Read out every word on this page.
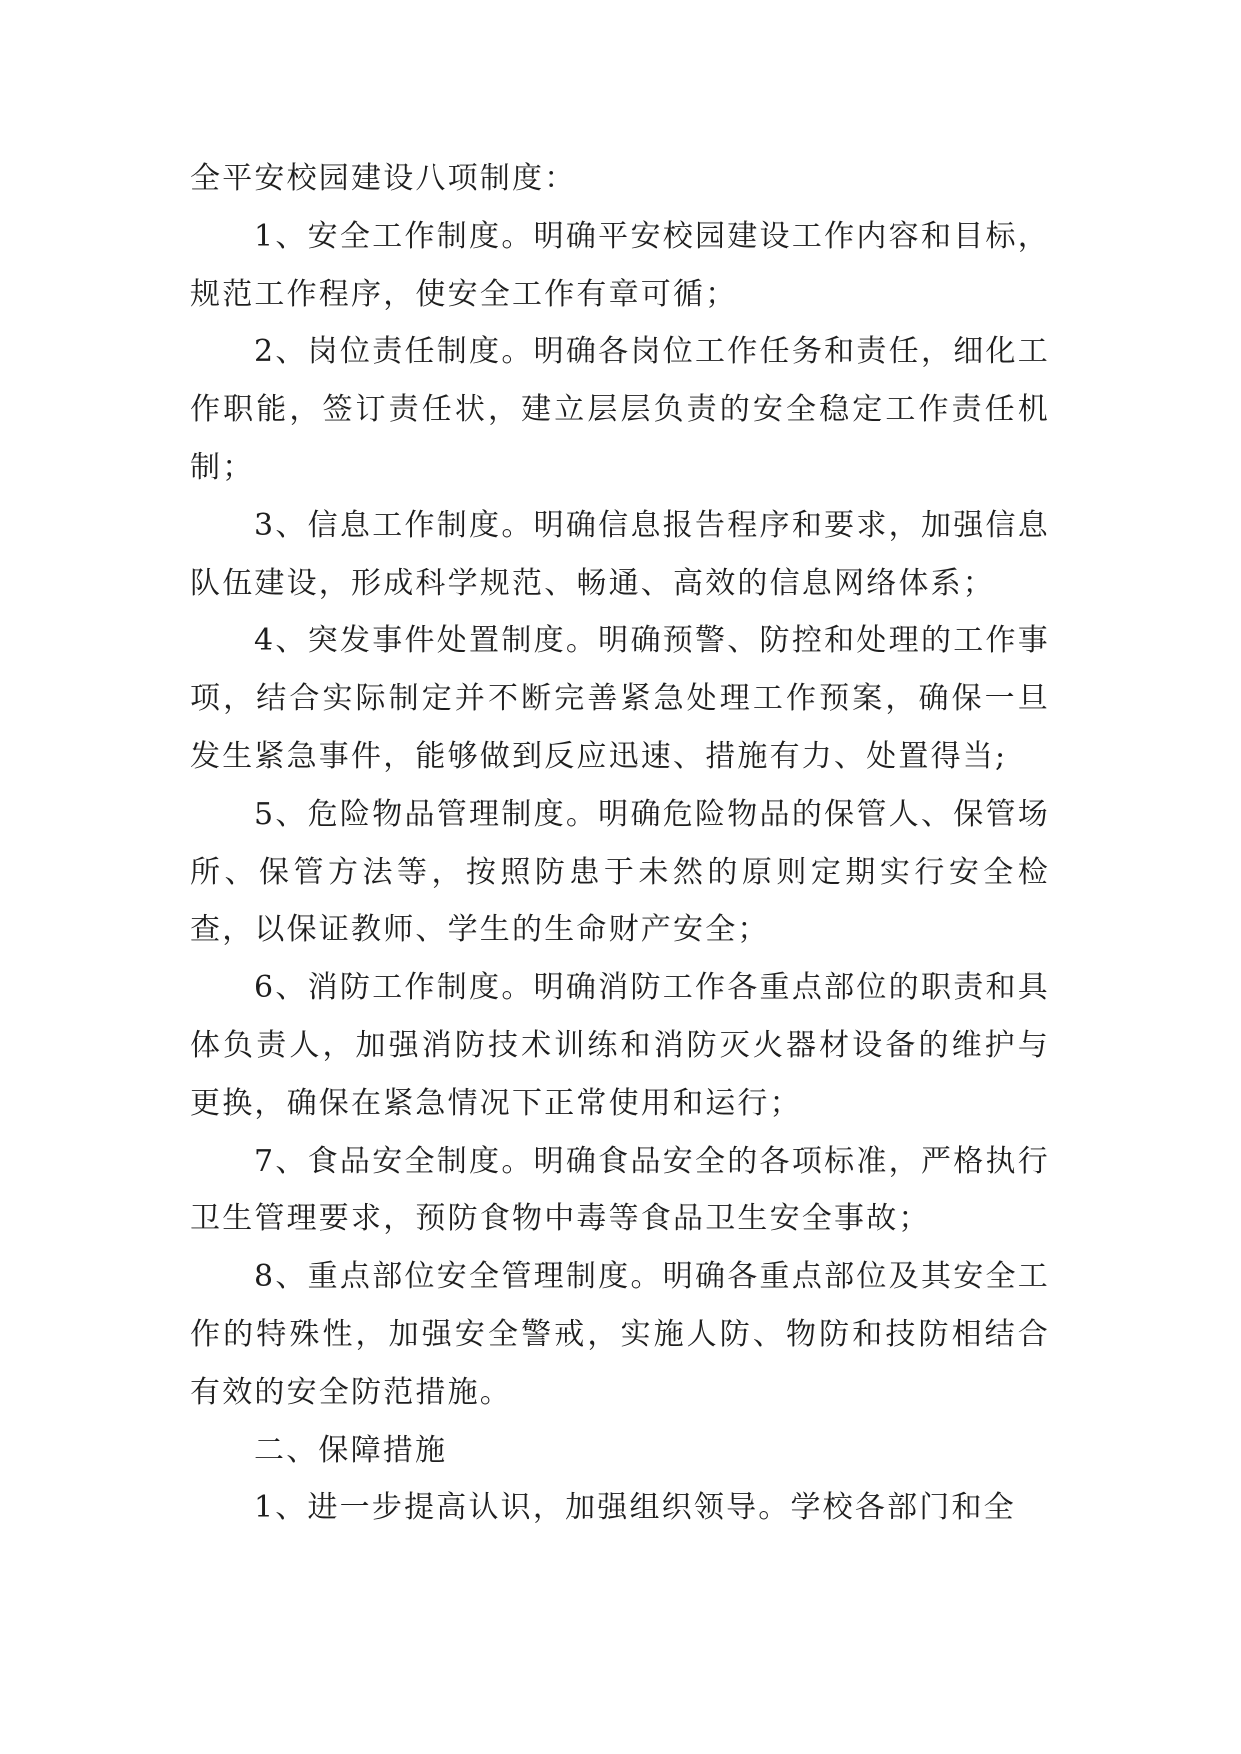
全平安校园建设八项制度：

1、安全工作制度。明确平安校园建设工作内容和目标，规范工作程序，使安全工作有章可循；

2、岗位责任制度。明确各岗位工作任务和责任，细化工作职能，签订责任状，建立层层负责的安全稳定工作责任机制；

3、信息工作制度。明确信息报告程序和要求，加强信息队伍建设，形成科学规范、畅通、高效的信息网络体系；

4、突发事件处置制度。明确预警、防控和处理的工作事项，结合实际制定并不断完善紧急处理工作预案，确保一旦发生紧急事件，能够做到反应迅速、措施有力、处置得当;

5、危险物品管理制度。明确危险物品的保管人、保管场所、保管方法等，按照防患于未然的原则定期实行安全检查，以保证教师、学生的生命财产安全；

6、消防工作制度。明确消防工作各重点部位的职责和具体负责人，加强消防技术训练和消防灭火器材设备的维护与更换，确保在紧急情况下正常使用和运行；

7、食品安全制度。明确食品安全的各项标准，严格执行卫生管理要求，预防食物中毒等食品卫生安全事故；

8、重点部位安全管理制度。明确各重点部位及其安全工作的特殊性，加强安全警戒，实施人防、物防和技防相结合有效的安全防范措施。

二、保障措施

1、进一步提高认识，加强组织领导。学校各部门和全
